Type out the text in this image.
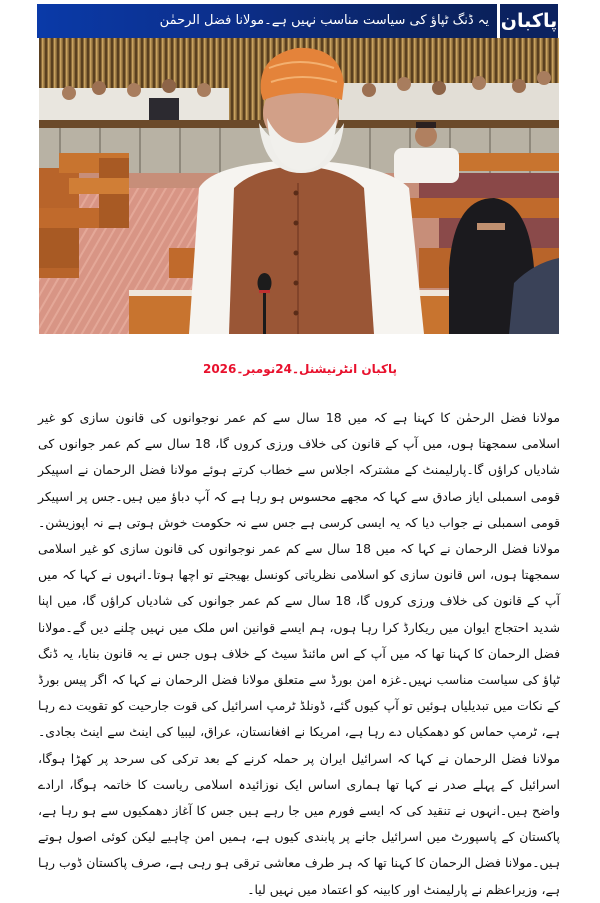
پاکبان
یہ ڈنگ ٹپاؤ کی سیاست مناسب نہیں ہے۔مولانا فضل الرحمٰن
پاکبان انٹرنیشنل۔24نومبر۔2026

مولانا فضل الرحمٰن کا کہنا ہے کہ میں 18 سال سے کم عمر نوجوانوں کی قانون سازی کو غیر اسلامی سمجھتا ہوں، میں آپ کے قانون کی خلاف ورزی کروں گا، 18 سال سے کم عمر جوانوں کی شادیاں کراؤں گا۔پارلیمنٹ کے مشترکہ اجلاس سے خطاب کرتے ہوئے مولانا فضل الرحمان نے اسپیکر قومی اسمبلی ایاز صادق سے کہا کہ مجھے محسوس ہو رہا ہے کہ آپ دباؤ میں ہیں۔جس پر اسپیکر قومی اسمبلی نے جواب دیا کہ یہ ایسی کرسی ہے جس سے نہ حکومت خوش ہوتی ہے نہ اپوزیشن۔مولانا فضل الرحمان نے کہا کہ میں 18 سال سے کم عمر نوجوانوں کی قانون سازی کو غیر اسلامی سمجھتا ہوں، اس قانون سازی کو اسلامی نظریاتی کونسل بھیجتے تو اچھا ہوتا۔انہوں نے کہا کہ میں آپ کے قانون کی خلاف ورزی کروں گا، 18 سال سے کم عمر جوانوں کی شادیاں کراؤں گا، میں اپنا شدید احتجاج ایوان میں ریکارڈ کرا رہا ہوں، ہم ایسے قوانین اس ملک میں نہیں چلنے دیں گے۔مولانا فضل الرحمان کا کہنا تھا کہ میں آپ کے اس مائنڈ سیٹ کے خلاف ہوں جس نے یہ قانون بنایا، یہ ڈنگ ٹپاؤ کی سیاست مناسب نہیں۔غزہ امن بورڈ سے متعلق مولانا فضل الرحمان نے کہا کہ اگر پیس بورڈ کے نکات میں تبدیلیاں ہوئیں تو آپ کیوں گئے، ڈونلڈ ٹرمپ اسرائیل کی قوت جارحیت کو تقویت دے رہا ہے، ٹرمپ حماس کو دھمکیاں دے رہا ہے، امریکا نے افغانستان، عراق، لیبیا کی اینٹ سے اینٹ بجادی۔مولانا فضل الرحمان نے کہا کہ اسرائیل ایران پر حملہ کرنے کے بعد ترکی کی سرحد پر کھڑا ہوگا، اسرائیل کے پہلے صدر نے کہا تھا ہماری اساس ایک نوزائیدہ اسلامی ریاست کا خاتمہ ہوگا، ارادے واضح ہیں۔انہوں نے تنقید کی کہ ایسے فورم میں جا رہے ہیں جس کا آغاز دھمکیوں سے ہو رہا ہے، پاکستان کے پاسپورٹ میں اسرائیل جانے پر پابندی کیوں ہے، ہمیں امن چاہیے لیکن کوئی اصول ہوتے ہیں۔مولانا فضل الرحمان کا کہنا تھا کہ ہر طرف معاشی ترقی ہو رہی ہے، صرف پاکستان ڈوب رہا ہے، وزیراعظم نے پارلیمنٹ اور کابینہ کو اعتماد میں نہیں لیا۔
